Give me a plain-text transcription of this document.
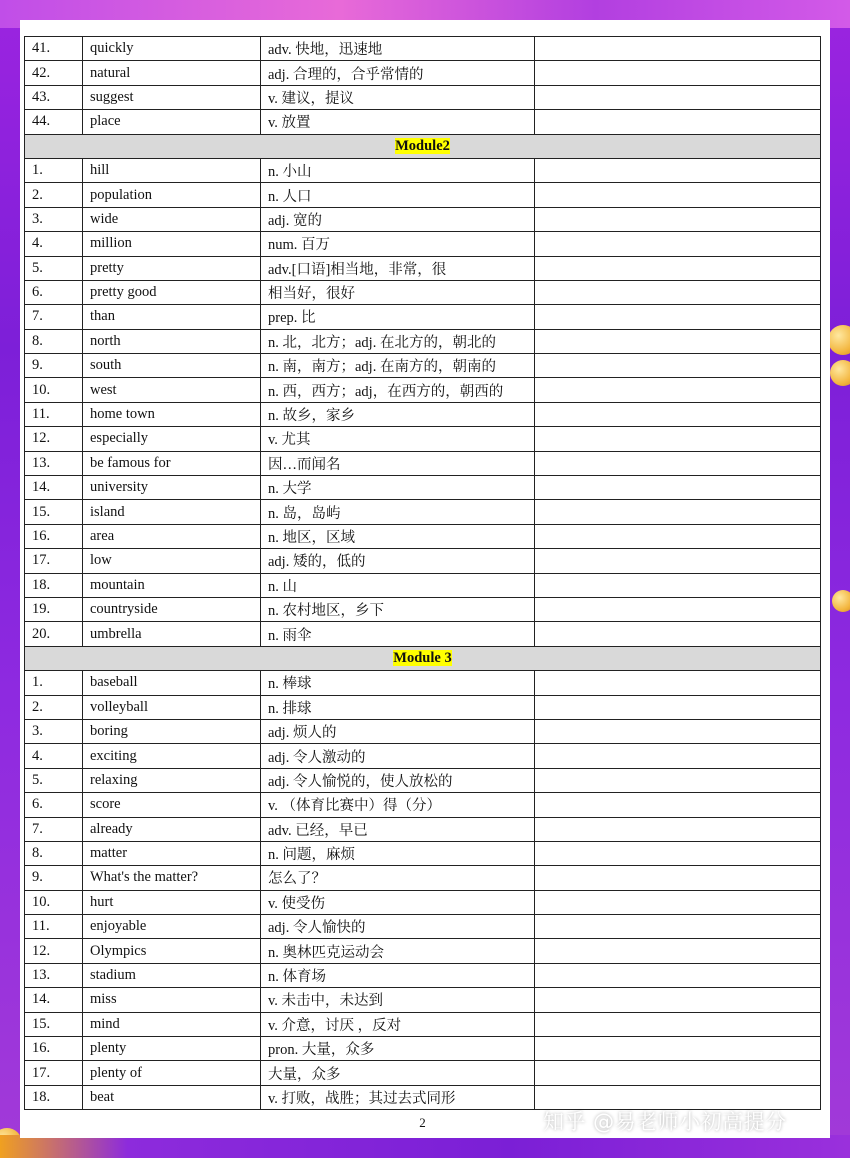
41.	quickly	adv. 快地，迅速地	
42.	natural	adj. 合理的，合乎常情的	
43.	suggest	v. 建议，提议	
44.	place	v. 放置	
Module2			
1.	hill	n. 小山	
2.	population	n. 人口	
3.	wide	adj. 宽的	
4.	million	num. 百万	
5.	pretty	adv.[口语]相当地，非常，很	
6.	pretty good	相当好，很好	
7.	than	prep. 比	
8.	north	n. 北，北方；adj. 在北方的，朝北的	
9.	south	n. 南，南方；adj. 在南方的，朝南的	
10.	west	n. 西，西方；adj，在西方的，朝西的	
11.	home town	n. 故乡，家乡	
12.	especially	v. 尤其	
13.	be famous for	因…而闻名	
14.	university	n. 大学	
15.	island	n. 岛，岛屿	
16.	area	n. 地区，区域	
17.	low	adj. 矮的，低的	
18.	mountain	n. 山	
19.	countryside	n. 农村地区，乡下	
20.	umbrella	n. 雨伞	
Module 3			
1.	baseball	n. 棒球	
2.	volleyball	n. 排球	
3.	boring	adj. 烦人的	
4.	exciting	adj. 令人激动的	
5.	relaxing	adj. 令人愉悦的，使人放松的	
6.	score	v. （体育比赛中）得（分）	
7.	already	adv. 已经，早已	
8.	matter	n. 问题，麻烦	
9.	What's the matter?	怎么了？	
10.	hurt	v. 使受伤	
11.	enjoyable	adj. 令人愉快的	
12.	Olympics	n. 奥林匹克运动会	
13.	stadium	n. 体育场	
14.	miss	v. 未击中，未达到	
15.	mind	v. 介意，讨厌 ，反对	
16.	plenty	pron. 大量，众多	
17.	plenty of	大量，众多	
18.	beat	v. 打败，战胜；其过去式同形	
2	知乎 @易老师小初高提分
